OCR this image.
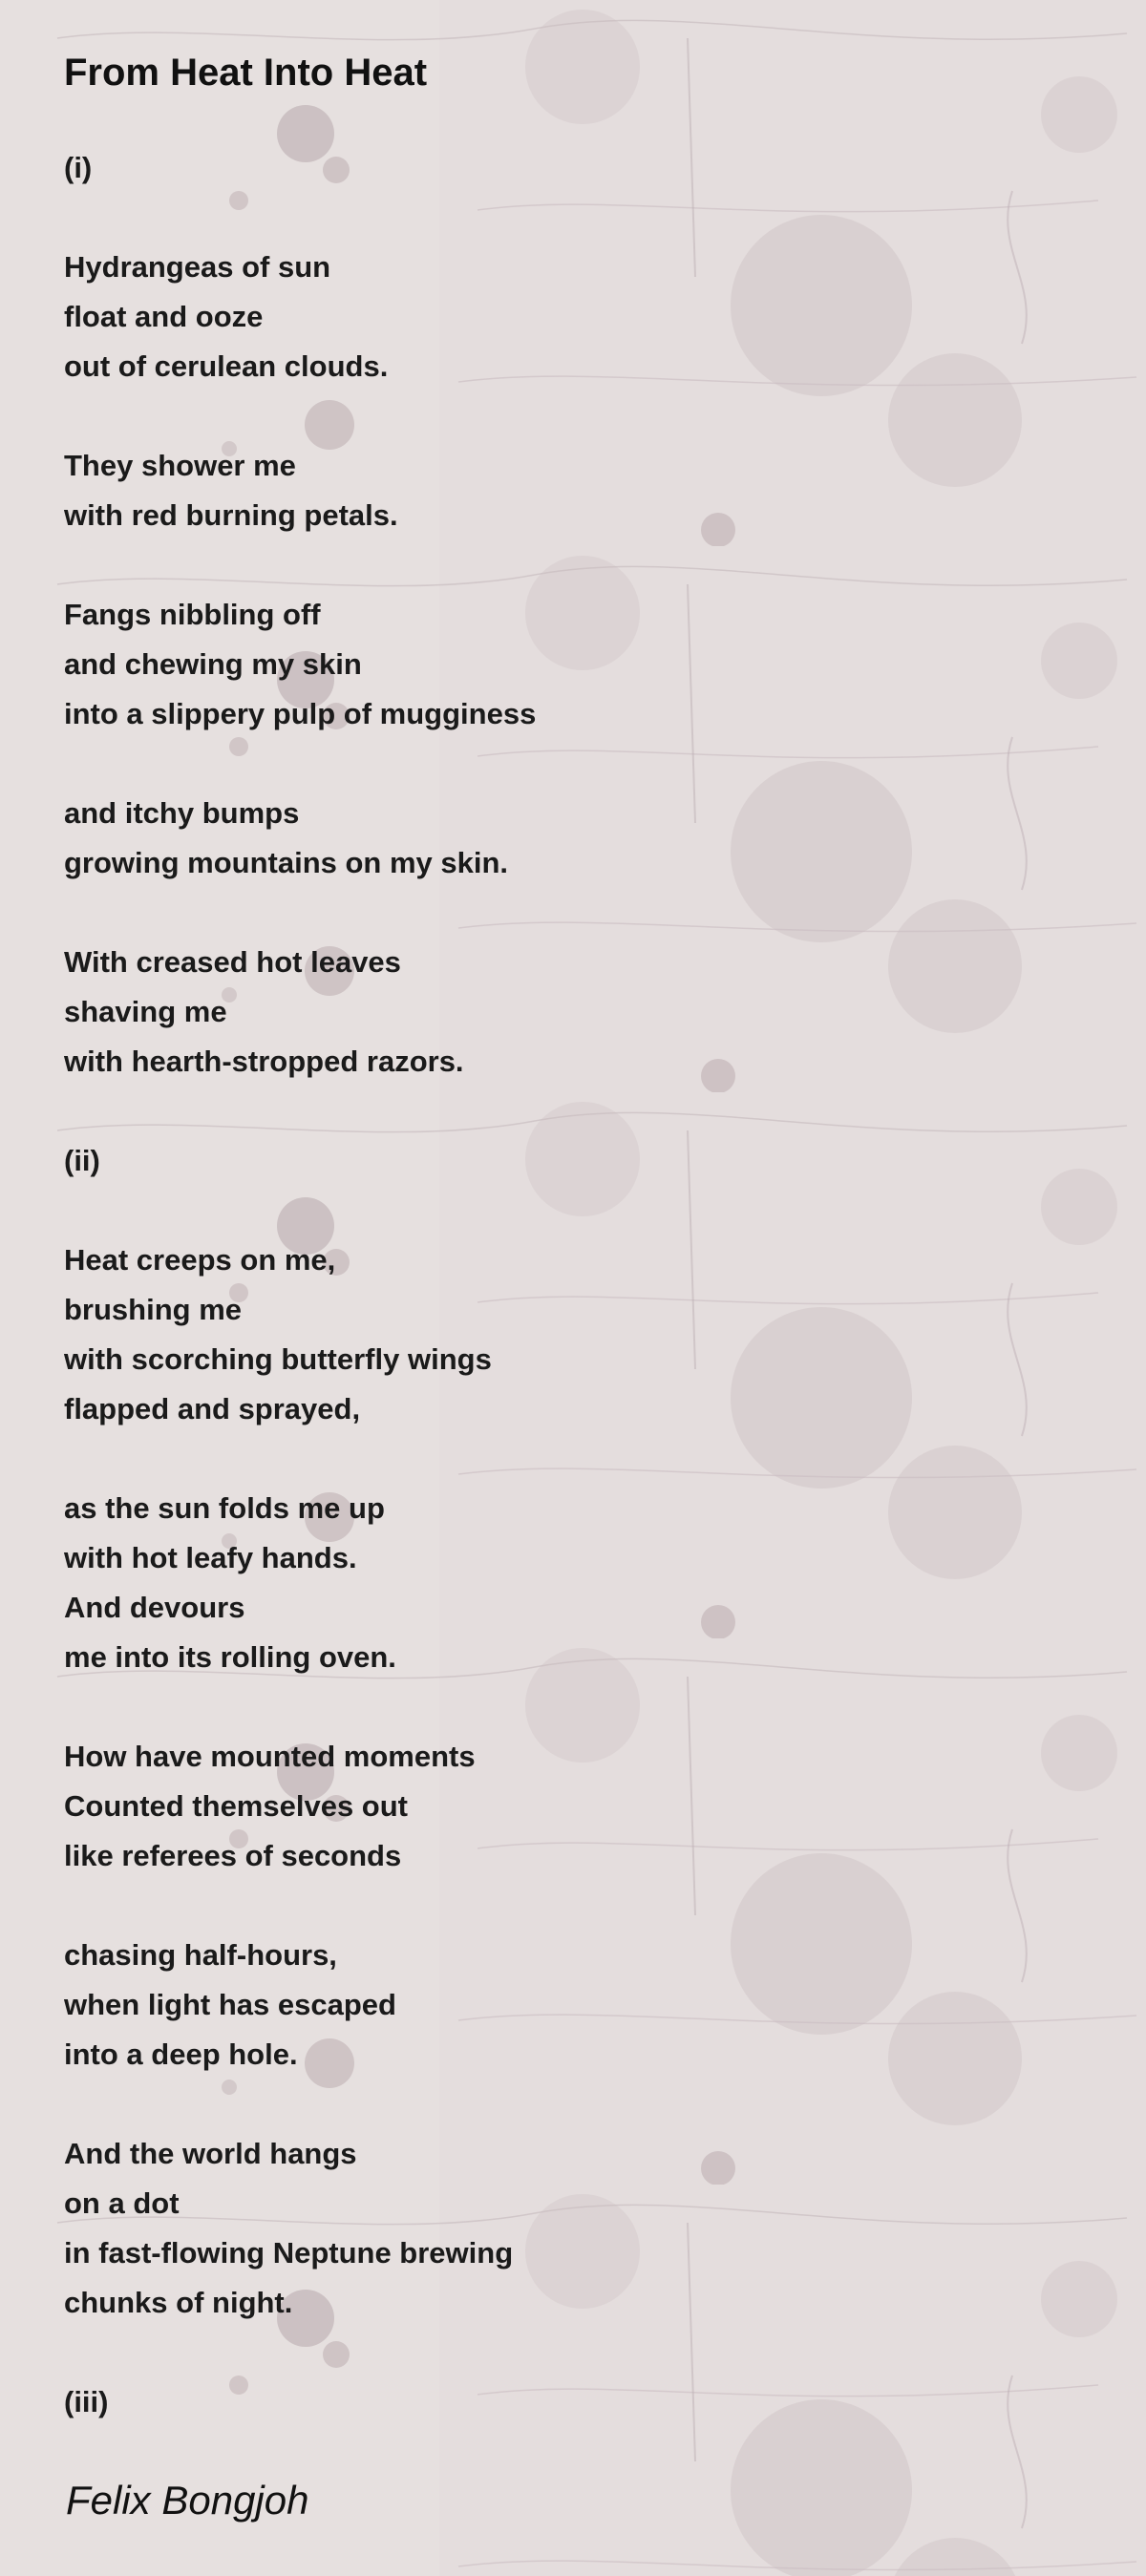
From Heat Into Heat
(i)
Hydrangeas of sun
float and ooze
out of cerulean clouds.
They shower me
with red burning petals.
Fangs nibbling off
and chewing my skin
into a slippery pulp of mugginess
and itchy bumps
growing mountains on my skin.
With creased hot leaves
shaving me
with hearth-stropped razors.
(ii)
Heat creeps on me,
brushing me
with scorching butterfly wings
flapped and sprayed,
as the sun folds me up
with hot leafy hands.
And devours
me into its rolling oven.
How have mounted moments
Counted themselves out
like referees of seconds
chasing half-hours,
when light has escaped
into a deep hole.
And the world hangs
on a dot
in fast-flowing Neptune brewing
chunks of night.
(iii)
Felix Bongjoh
